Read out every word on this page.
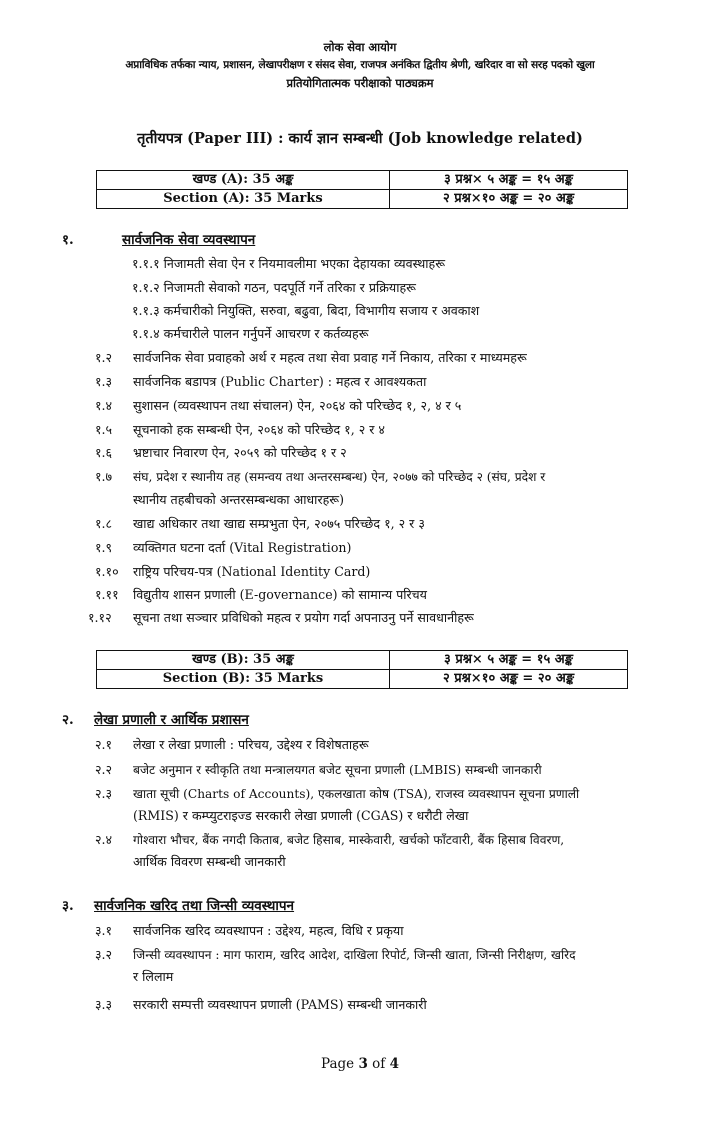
लोक सेवा आयोग
अप्राविधिक तर्फका न्याय, प्रशासन, लेखापरीक्षण र संसद सेवा, राजपत्र अनंकित द्वितीय श्रेणी, खरिदार वा सो सरह पदको खुला
प्रतियोगितात्मक परीक्षाको पाठ्यक्रम
तृतीयपत्र (Paper III) : कार्य ज्ञान सम्बन्धी (Job knowledge related)
खण्ड (A): 35 अङ्क	३ प्रश्न× ५ अङ्क = १५ अङ्क
Section (A): 35 Marks	२ प्रश्न×१० अङ्क = २० अङ्क
१.	सार्वजनिक सेवा व्यवस्थापन
१.१.१ निजामती सेवा ऐन र नियमावलीमा भएका देहायका व्यवस्थाहरू
१.१.२ निजामती सेवाको गठन, पदपूर्ति गर्ने तरिका र प्रक्रियाहरू
१.१.३ कर्मचारीको नियुक्ति, सरुवा, बढुवा, बिदा, विभागीय सजाय र अवकाश
१.१.४ कर्मचारीले पालन गर्नुपर्ने आचरण र कर्तव्यहरू
१.२ सार्वजनिक सेवा प्रवाहको अर्थ र महत्व तथा सेवा प्रवाह गर्ने निकाय, तरिका र माध्यमहरू
१.३ सार्वजनिक बडापत्र (Public Charter) : महत्व र आवश्यकता
१.४ सुशासन (व्यवस्थापन तथा संचालन) ऐन, २०६४ को परिच्छेद १, २, ४ र ५
१.५ सूचनाको हक सम्बन्धी ऐन, २०६४ को परिच्छेद १, २ र ४
१.६ भ्रष्टाचार निवारण ऐन, २०५९ को परिच्छेद १ र २
१.७ संघ, प्रदेश र स्थानीय तह (समन्वय तथा अन्तरसम्बन्ध) ऐन, २०७७ को परिच्छेद २ (संघ, प्रदेश र
स्थानीय तहबीचको अन्तरसम्बन्धका आधारहरू)
१.८ खाद्य अधिकार तथा खाद्य सम्प्रभुता ऐन, २०७५ परिच्छेद १, २ र ३
१.९ व्यक्तिगत घटना दर्ता (Vital Registration)
१.१० राष्ट्रिय परिचय-पत्र (National Identity Card)
१.११ विद्युतीय शासन प्रणाली (E-governance) को सामान्य परिचय
१.१२ सूचना तथा सञ्चार प्रविधिको महत्व र प्रयोग गर्दा अपनाउनु पर्ने सावधानीहरू
खण्ड (B): 35 अङ्क	३ प्रश्न× ५ अङ्क = १५ अङ्क
Section (B): 35 Marks	२ प्रश्न×१० अङ्क = २० अङ्क
२. लेखा प्रणाली र आर्थिक प्रशासन
२.१ लेखा र लेखा प्रणाली : परिचय, उद्देश्य र विशेषताहरू
२.२ बजेट अनुमान र स्वीकृति तथा मन्त्रालयगत बजेट सूचना प्रणाली (LMBIS) सम्बन्धी जानकारी
२.३ खाता सूची (Charts of Accounts), एकलखाता कोष (TSA), राजस्व व्यवस्थापन सूचना प्रणाली
(RMIS) र कम्प्युटराइज्ड सरकारी लेखा प्रणाली (CGAS) र धरौटी लेखा
२.४ गोश्वारा भौचर, बैंक नगदी किताब, बजेट हिसाब, मास्केवारी, खर्चको फाँटवारी, बैंक हिसाब विवरण,
आर्थिक विवरण सम्बन्धी जानकारी
३. सार्वजनिक खरिद तथा जिन्सी व्यवस्थापन
३.१ सार्वजनिक खरिद व्यवस्थापन : उद्देश्य, महत्व, विधि र प्रकृया
३.२ जिन्सी व्यवस्थापन : माग फाराम, खरिद आदेश, दाखिला रिपोर्ट, जिन्सी खाता, जिन्सी निरीक्षण, खरिद
र लिलाम
३.३ सरकारी सम्पत्ती व्यवस्थापन प्रणाली (PAMS) सम्बन्धी जानकारी
Page 3 of 4
